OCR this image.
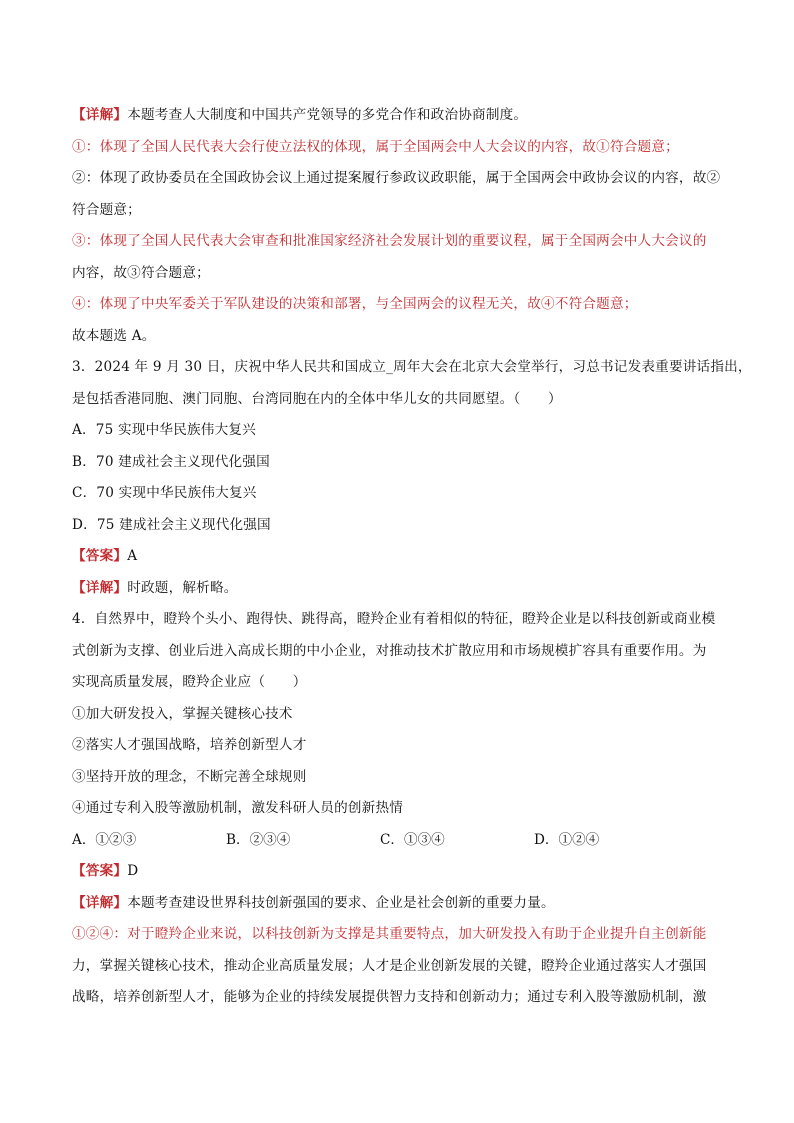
【详解】本题考查人大制度和中国共产党领导的多党合作和政治协商制度。
①：体现了全国人民代表大会行使立法权的体现，属于全国两会中人大会议的内容，故①符合题意；
②：体现了政协委员在全国政协会议上通过提案履行参政议政职能，属于全国两会中政协会议的内容，故②
符合题意；
③：体现了全国人民代表大会审查和批准国家经济社会发展计划的重要议程，属于全国两会中人大会议的
内容，故③符合题意；
④：体现了中央军委关于军队建设的决策和部署，与全国两会的议程无关，故④不符合题意；
故本题选 A。
3．2024 年 9 月 30 日，庆祝中华人民共和国成立_周年大会在北京大会堂举行，习总书记发表重要讲话指出，
是包括香港同胞、澳门同胞、台湾同胞在内的全体中华儿女的共同愿望。（　　）
A．75 实现中华民族伟大复兴
B．70 建成社会主义现代化强国
C．70 实现中华民族伟大复兴
D．75 建成社会主义现代化强国
【答案】A
【详解】时政题，解析略。
4．自然界中，瞪羚个头小、跑得快、跳得高，瞪羚企业有着相似的特征，瞪羚企业是以科技创新或商业模
式创新为支撑、创业后进入高成长期的中小企业，对推动技术扩散应用和市场规模扩容具有重要作用。为
实现高质量发展，瞪羚企业应（　　）
①加大研发投入，掌握关键核心技术
②落实人才强国战略，培养创新型人才
③坚持开放的理念，不断完善全球规则
④通过专利入股等激励机制，激发科研人员的创新热情
A．①②③	B．②③④	C．①③④	D．①②④
【答案】D
【详解】本题考查建设世界科技创新强国的要求、企业是社会创新的重要力量。
①②④：对于瞪羚企业来说，以科技创新为支撑是其重要特点，加大研发投入有助于企业提升自主创新能
力，掌握关键核心技术，推动企业高质量发展；人才是企业创新发展的关键，瞪羚企业通过落实人才强国
战略，培养创新型人才，能够为企业的持续发展提供智力支持和创新动力；通过专利入股等激励机制，激
